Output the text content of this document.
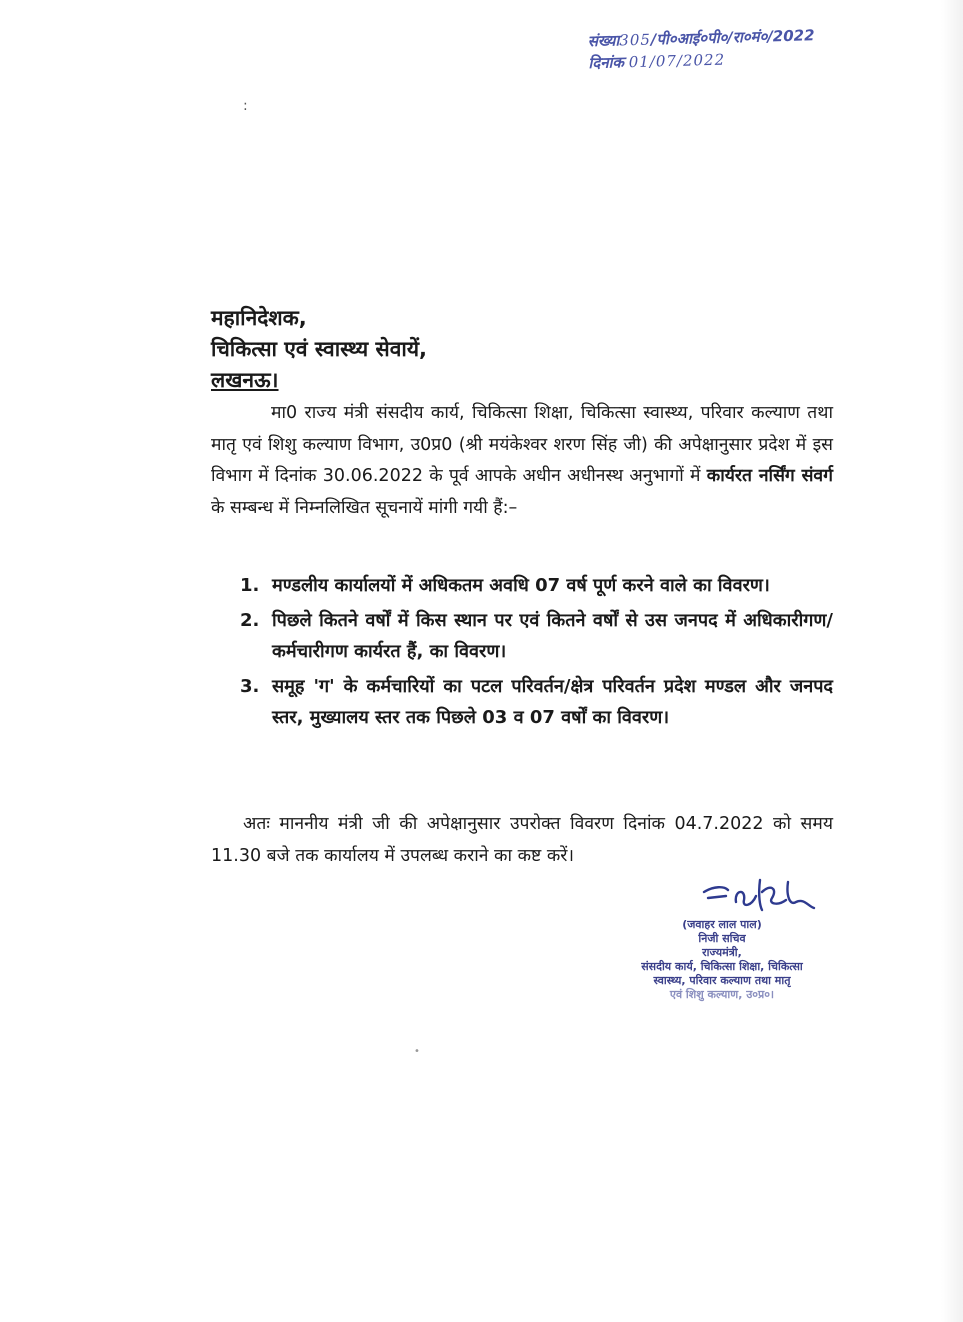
संख्या305/पी०आई०पी०/रा०मं०/2022
दिनांक 01/07/2022
:
•
महानिदेशक,
चिकित्सा एवं स्वास्थ्य सेवायें,
लखनऊ।
मा0 राज्य मंत्री संसदीय कार्य, चिकित्सा शिक्षा, चिकित्सा स्वास्थ्य, परिवार कल्याण तथा मातृ एवं शिशु कल्याण विभाग, उ0प्र0 (श्री मयंकेश्वर शरण सिंह जी) की अपेक्षानुसार प्रदेश में इस विभाग में दिनांक 30.06.2022 के पूर्व आपके अधीन अधीनस्थ अनुभागों में कार्यरत नर्सिंग संवर्ग के सम्बन्ध में निम्नलिखित सूचनायें मांगी गयी हैं:–
1. मण्डलीय कार्यालयों में अधिकतम अवधि 07 वर्ष पूर्ण करने वाले का विवरण।
2. पिछले कितने वर्षों में किस स्थान पर एवं कितने वर्षों से उस जनपद में अधिकारीगण/कर्मचारीगण कार्यरत हैं, का विवरण।
3. समूह 'ग' के कर्मचारियों का पटल परिवर्तन/क्षेत्र परिवर्तन प्रदेश मण्डल और जनपद स्तर, मुख्यालय स्तर तक पिछले 03 व 07 वर्षों का विवरण।
अतः माननीय मंत्री जी की अपेक्षानुसार उपरोक्त विवरण दिनांक 04.7.2022 को समय 11.30 बजे तक कार्यालय में उपलब्ध कराने का कष्ट करें।
(जवाहर लाल पाल)
निजी सचिव
राज्यमंत्री,
संसदीय कार्य, चिकित्सा शिक्षा, चिकित्सा
स्वास्थ्य, परिवार कल्याण तथा मातृ
एवं शिशु कल्याण, उ०प्र०।
